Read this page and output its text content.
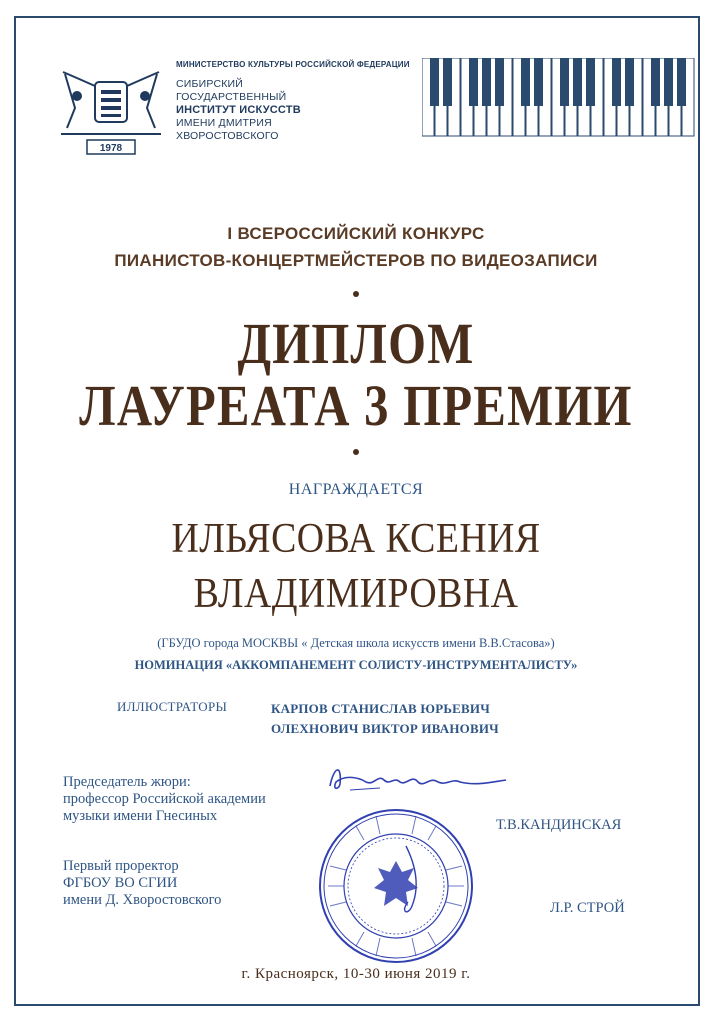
1978
МИНИСТЕРСТВО КУЛЬТУРЫ РОССИЙСКОЙ ФЕДЕРАЦИИ
СИБИРСКИЙ
ГОСУДАРСТВЕННЫЙ
ИНСТИТУТ ИСКУССТВ
ИМЕНИ ДМИТРИЯ
ХВОРОСТОВСКОГО
I ВСЕРОССИЙСКИЙ КОНКУРС
ПИАНИСТОВ-КОНЦЕРТМЕЙСТЕРОВ ПО ВИДЕОЗАПИСИ
ДИПЛОМ
ЛАУРЕАТА 3 ПРЕМИИ
НАГРАЖДАЕТСЯ
ИЛЬЯСОВА КСЕНИЯ
ВЛАДИМИРОВНА
(ГБУДО города МОСКВЫ « Детская школа искусств имени В.В.Стасова»)
НОМИНАЦИЯ «АККОМПАНЕМЕНТ СОЛИСТУ-ИНСТРУМЕНТАЛИСТУ»
ИЛЛЮСТРАТОРЫ	КАРПОВ СТАНИСЛАВ ЮРЬЕВИЧ
ОЛЕХНОВИЧ ВИКТОР ИВАНОВИЧ
Председатель жюри:
профессор Российской академии
музыки имени Гнесиных
Т.В.КАНДИНСКАЯ
Первый проректор
ФГБОУ ВО СГИИ
имени Д. Хворостовского	Л.Р. СТРОЙ
г. Красноярск, 10-30 июня 2019 г.
